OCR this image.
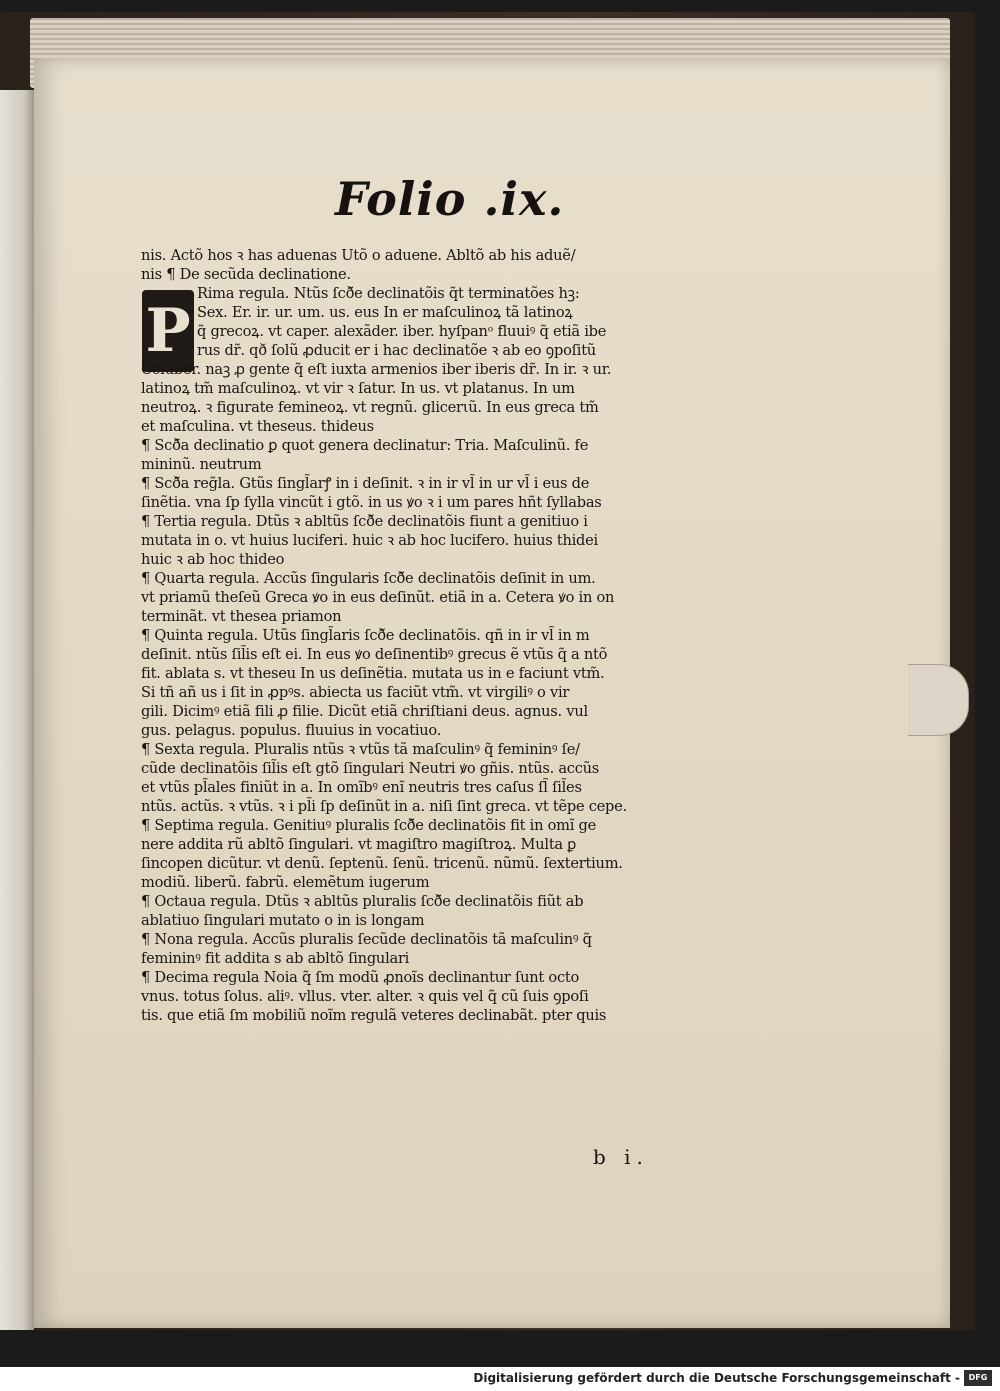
Folio .ix.
P
nis. Actõ hos ꝛ has aduenas Utõ o aduene. Abltõ ab his aduẽ/
nis ¶ De secũda declinatione.
Rima regula. Ntũs ſcð̃e declinatõis q̃t terminatões hꝫ:
Sex. Er. ir. ur. um. us. eus In er maſculinoꝝ tã latinoꝝ
q̃ grecoꝝ. vt caper. alexãder. iber. hyſpanᵒ fluuiꝰ q̃ etiã ibe
rus dr̃. qð ſolũ ꝓducit er i hac declinatõe ꝛ ab eo ꝯpoſitũ
Celuber. naꝫ ꝓ gente q̃ eſt iuxta armenios iber iberis dr̃. In ir. ꝛ ur.
latinoꝝ tm̃ maſculinoꝝ. vt vir ꝛ ſatur. In us. vt platanus. In um
neutroꝝ. ꝛ figurate femineoꝝ. vt regnũ. glicerιũ. In eus greca tm̃
et maſculina. vt theseus. thideus
¶ Scð̃a declinatio ꝑ quot genera declinatur: Tria. Maſculinũ. fe
mininũ. neutrum
¶ Scð̃a reg̃la. Gtũs ſingl̃arꝭ in i deſinit. ꝛ in ir vl̃ in ur vl̃ i eus de
ſinẽtia. vna ſp ſylla vincũt i gtõ. in us ꝟo ꝛ i um pares hñt ſyllabas
¶ Tertia regula. Dtũs ꝛ abltũs ſcð̃e declinatõis fiunt a genitiuo i
mutata in o. vt huius luciferi. huic ꝛ ab hoc lucifero. huius thidei
huic ꝛ ab hoc thideo
¶ Quarta regula. Accũs ſingularis ſcð̃e declinatõis deſinit in um.
vt priamũ theſeũ Greca ꝟo in eus deſinũt. etiã in a. Cetera ꝟo in on
terminãt. vt thesea priamon
¶ Quinta regula. Utũs ſingl̃aris ſcð̃e declinatõis. qñ in ir vl̃ in m
deſinit. ntũs ſil̃is eſt ei. In eus ꝟo deſinentibꝰ grecus ẽ vtũs q̃ a ntõ
fit. ablata s. vt theseu In us deſinẽtia. mutata us in e faciunt vtm̃.
Si tñ añ us i ſit in ꝓpꝰs. abiecta us faciũt vtm̃. vt virgiliꝰ o vir
gili. Dicimꝰ etiã fili ꝓ filie. Dicũt etiã chriſtiani deus. agnus. vul
gus. pelagus. populus. fluuius in vocatiuo.
¶ Sexta regula. Pluralis ntũs ꝛ vtũs tã maſculinꝰ q̃ femininꝰ ſe/
cũde declinatõis ſil̃is eſt gtõ ſingulari Neutri ꝟo gñis. ntũs. accũs
et vtũs pl̃ales finiũt in a. In omĩbꝰ enĩ neutris tres caſus ſl̃ ſil̃es
ntũs. actũs. ꝛ vtũs. ꝛ i pl̃i ſp deſinũt in a. niſi ſint greca. vt tẽpe cepe.
¶ Septima regula. Genitiuꝰ pluralis ſcð̃e declinatõis fit in omĩ ge
nere addita rũ abltõ ſingulari. vt magiſtro magiſtroꝝ. Multa ꝑ
ſincopen dicũtur. vt denũ. ſeptenũ. ſenũ. tricenũ. nũmũ. ſextertium.
modiũ. liberũ. fabrũ. elemẽtum iugerum
¶ Octaua regula. Dtũs ꝛ abltũs pluralis ſcð̃e declinatõis fiũt ab
ablatiuo ſingulari mutato o in is longam
¶ Nona regula. Accũs pluralis ſecũde declinatõis tã maſculinꝰ q̃
femininꝰ fit addita s ab abltõ ſingulari
¶ Decima regula Noia q̃ ſm modũ ꝓnoĩs declinantur ſunt octo
vnus. totus ſolus. aliꝰ. vllus. vter. alter. ꝛ quis vel q̃ cũ ſuis ꝯpoſi
tis. que etiã ſm mobiliũ noĩm regulã veteres declinabãt. pter quis
b i.
Digitalisierung gefördert durch die Deutsche Forschungsgemeinschaft -	DFG
